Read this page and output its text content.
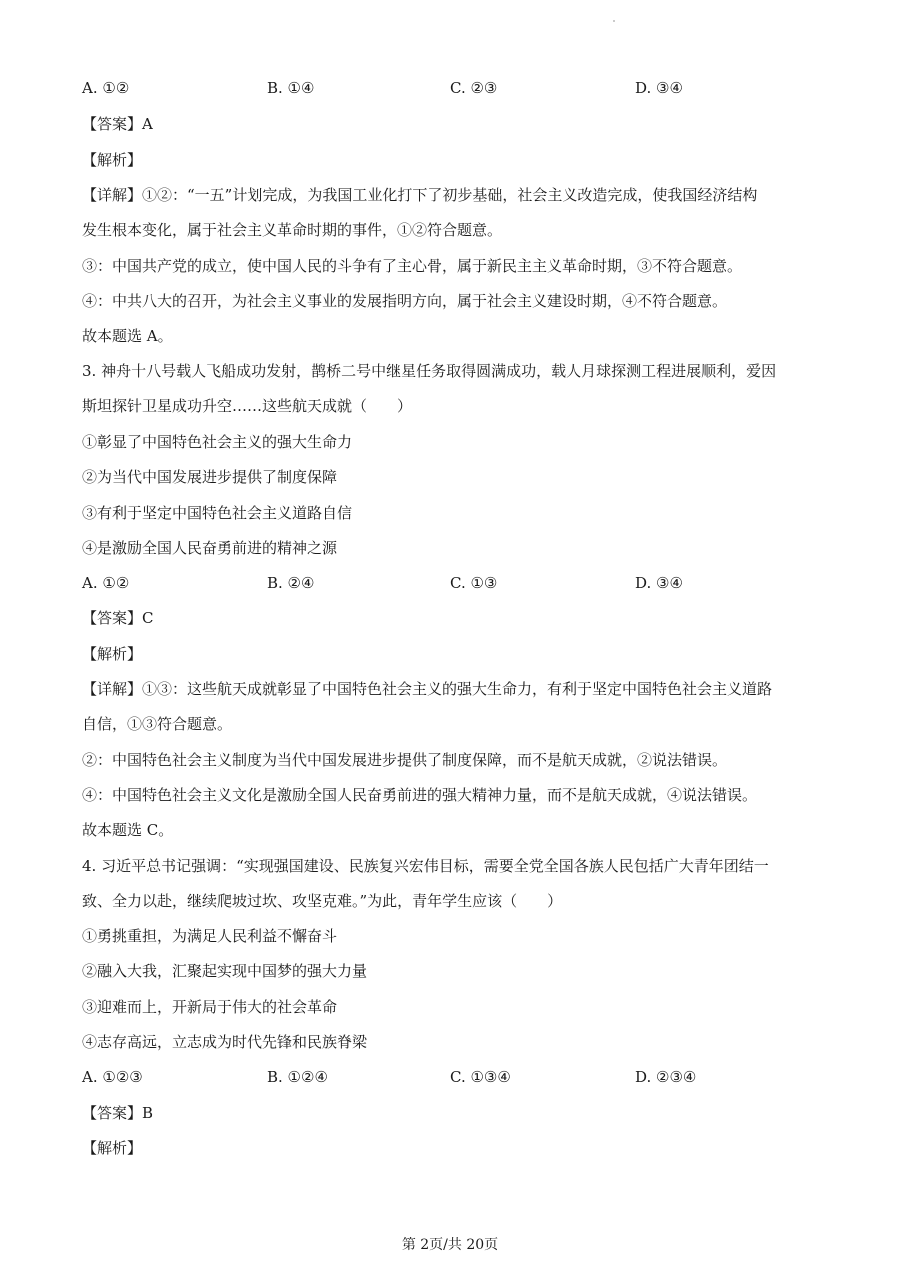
A. ①②	B. ①④	C. ②③	D. ③④
【答案】A
【解析】
【详解】①②：“一五”计划完成，为我国工业化打下了初步基础，社会主义改造完成，使我国经济结构
发生根本变化，属于社会主义革命时期的事件，①②符合题意。
③：中国共产党的成立，使中国人民的斗争有了主心骨，属于新民主主义革命时期，③不符合题意。
④：中共八大的召开，为社会主义事业的发展指明方向，属于社会主义建设时期，④不符合题意。
故本题选 A。
3. 神舟十八号载人飞船成功发射，鹊桥二号中继星任务取得圆满成功，载人月球探测工程进展顺利，爱因
斯坦探针卫星成功升空……这些航天成就（　　）
①彰显了中国特色社会主义的强大生命力
②为当代中国发展进步提供了制度保障
③有利于坚定中国特色社会主义道路自信
④是激励全国人民奋勇前进的精神之源
A. ①②	B. ②④	C. ①③	D. ③④
【答案】C
【解析】
【详解】①③：这些航天成就彰显了中国特色社会主义的强大生命力，有利于坚定中国特色社会主义道路
自信，①③符合题意。
②：中国特色社会主义制度为当代中国发展进步提供了制度保障，而不是航天成就，②说法错误。
④：中国特色社会主义文化是激励全国人民奋勇前进的强大精神力量，而不是航天成就，④说法错误。
故本题选 C。
4. 习近平总书记强调：“实现强国建设、民族复兴宏伟目标，需要全党全国各族人民包括广大青年团结一
致、全力以赴，继续爬坡过坎、攻坚克难。”为此，青年学生应该（　　）
①勇挑重担，为满足人民利益不懈奋斗
②融入大我，汇聚起实现中国梦的强大力量
③迎难而上，开新局于伟大的社会革命
④志存高远，立志成为时代先锋和民族脊梁
A. ①②③	B. ①②④	C. ①③④	D. ②③④
【答案】B
【解析】
第 2页/共 20页
